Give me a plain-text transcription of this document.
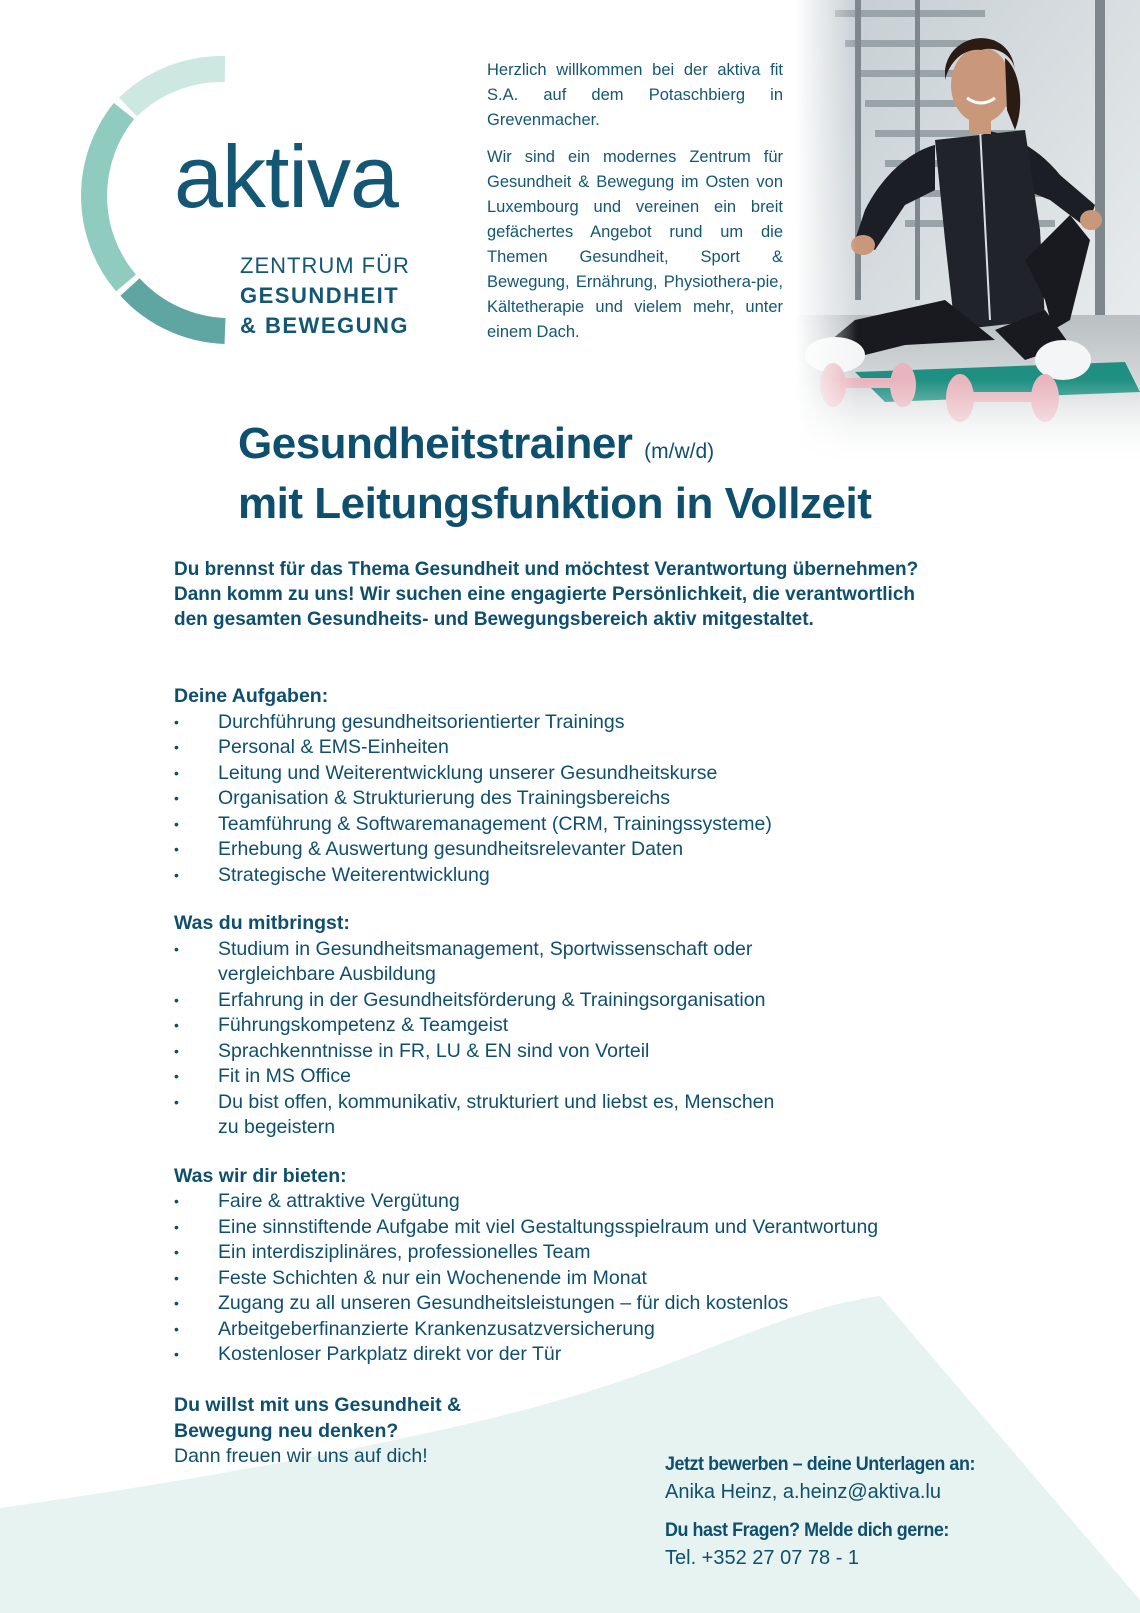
aktiva
ZENTRUM FÜR
GESUNDHEIT
& BEWEGUNG

Herzlich willkommen bei der aktiva fit S.A. auf dem Potaschbierg in Grevenmacher.

Wir sind ein modernes Zentrum für Gesundheit & Bewegung im Osten von Luxembourg und vereinen ein breit gefächertes Angebot rund um die Themen Gesundheit, Sport & Bewegung, Ernährung, Physiothera-pie, Kältetherapie und vielem mehr, unter einem Dach.

Gesundheitstrainer (m/w/d)
mit Leitungsfunktion in Vollzeit
Du brennst für das Thema Gesundheit und möchtest Verantwortung übernehmen?
Dann komm zu uns! Wir suchen eine engagierte Persönlichkeit, die verantwortlich
den gesamten Gesundheits- und Bewegungsbereich aktiv mitgestaltet.
Deine Aufgaben:
• Durchführung gesundheitsorientierter Trainings
• Personal & EMS-Einheiten
• Leitung und Weiterentwicklung unserer Gesundheitskurse
• Organisation & Strukturierung des Trainingsbereichs
• Teamführung & Softwaremanagement (CRM, Trainingssysteme)
• Erhebung & Auswertung gesundheitsrelevanter Daten
• Strategische Weiterentwicklung
Was du mitbringst:
• Studium in Gesundheitsmanagement, Sportwissenschaft oder vergleichbare Ausbildung
• Erfahrung in der Gesundheitsförderung & Trainingsorganisation
• Führungskompetenz & Teamgeist
• Sprachkenntnisse in FR, LU & EN sind von Vorteil
• Fit in MS Office
• Du bist offen, kommunikativ, strukturiert und liebst es, Menschen zu begeistern
Was wir dir bieten:
• Faire & attraktive Vergütung
• Eine sinnstiftende Aufgabe mit viel Gestaltungsspielraum und Verantwortung
• Ein interdisziplinäres, professionelles Team
• Feste Schichten & nur ein Wochenende im Monat
• Zugang zu all unseren Gesundheitsleistungen – für dich kostenlos
• Arbeitgeberfinanzierte Krankenzusatzversicherung
• Kostenloser Parkplatz direkt vor der Tür
Du willst mit uns Gesundheit &
Bewegung neu denken?
Dann freuen wir uns auf dich!	Jetzt bewerben – deine Unterlagen an:
Anika Heinz, a.heinz@aktiva.lu
Du hast Fragen? Melde dich gerne:
Tel. +352 27 07 78 - 1
